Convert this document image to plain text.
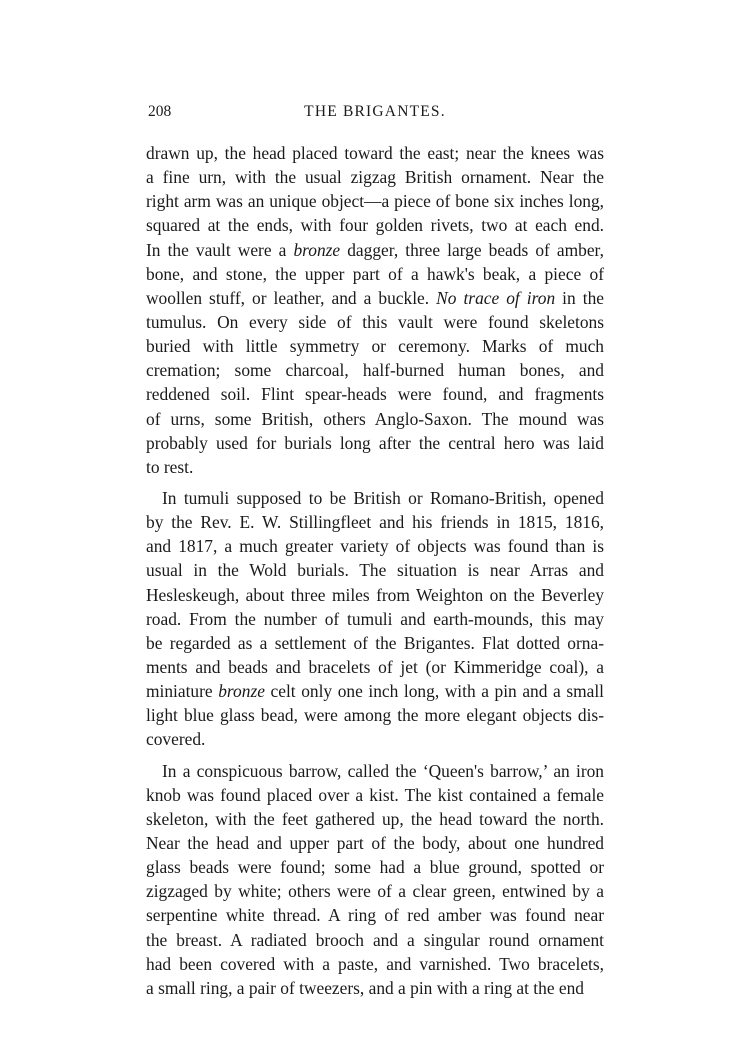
208	THE BRIGANTES.
drawn up, the head placed toward the east; near the knees was
a fine urn, with the usual zigzag British ornament. Near the
right arm was an unique object—a piece of bone six inches long,
squared at the ends, with four golden rivets, two at each end.
In the vault were a bronze dagger, three large beads of amber,
bone, and stone, the upper part of a hawk's beak, a piece of
woollen stuff, or leather, and a buckle. No trace of iron in the
tumulus. On every side of this vault were found skeletons
buried with little symmetry or ceremony. Marks of much
cremation; some charcoal, half-burned human bones, and
reddened soil. Flint spear-heads were found, and fragments
of urns, some British, others Anglo-Saxon. The mound was
probably used for burials long after the central hero was laid
to rest.
In tumuli supposed to be British or Romano-British, opened
by the Rev. E. W. Stillingfleet and his friends in 1815, 1816,
and 1817, a much greater variety of objects was found than is
usual in the Wold burials. The situation is near Arras and
Hesleskeugh, about three miles from Weighton on the Beverley
road. From the number of tumuli and earth-mounds, this may
be regarded as a settlement of the Brigantes. Flat dotted orna-
ments and beads and bracelets of jet (or Kimmeridge coal), a
miniature bronze celt only one inch long, with a pin and a small
light blue glass bead, were among the more elegant objects dis-
covered.
In a conspicuous barrow, called the ‘Queen's barrow,’ an iron
knob was found placed over a kist. The kist contained a female
skeleton, with the feet gathered up, the head toward the north.
Near the head and upper part of the body, about one hundred
glass beads were found; some had a blue ground, spotted or
zigzaged by white; others were of a clear green, entwined by a
serpentine white thread. A ring of red amber was found near
the breast. A radiated brooch and a singular round ornament
had been covered with a paste, and varnished. Two bracelets,
a small ring, a pair of tweezers, and a pin with a ring at the end
